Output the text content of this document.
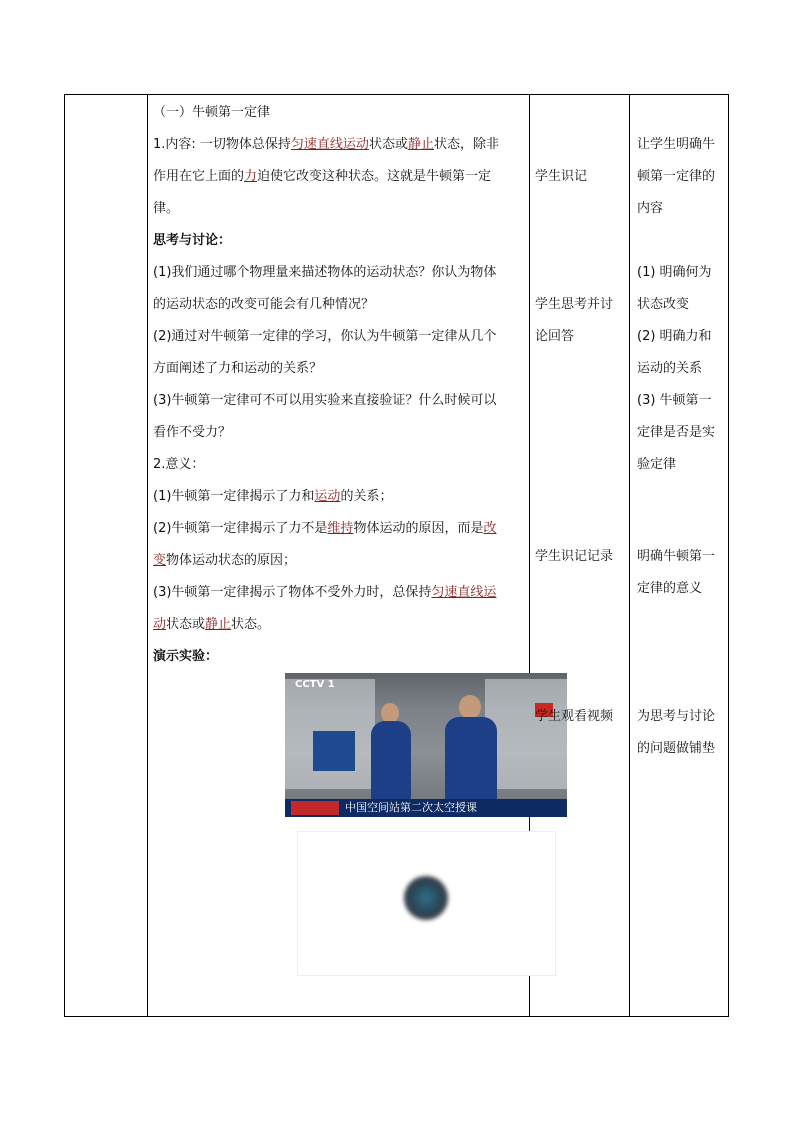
（一）牛顿第一定律
1.内容: 一切物体总保持匀速直线运动状态或静止状态，除非
作用在它上面的力迫使它改变这种状态。这就是牛顿第一定
律。
思考与讨论：
(1)我们通过哪个物理量来描述物体的运动状态？你认为物体
的运动状态的改变可能会有几种情况？
(2)通过对牛顿第一定律的学习，你认为牛顿第一定律从几个
方面阐述了力和运动的关系？
(3)牛顿第一定律可不可以用实验来直接验证？什么时候可以
看作不受力？
2.意义：
(1)牛顿第一定律揭示了力和运动的关系；
(2)牛顿第一定律揭示了力不是维持物体运动的原因，而是改
变物体运动状态的原因；
(3)牛顿第一定律揭示了物体不受外力时，总保持匀速直线运
动状态或静止状态。
演示实验：
CCTV 1
中国空间站第二次太空授课
学生识记
学生思考并讨
论回答
学生识记记录
学生观看视频
让学生明确牛
顿第一定律的
内容
(1) 明确何为
状态改变
(2) 明确力和
运动的关系
(3) 牛顿第一
定律是否是实
验定律
明确牛顿第一
定律的意义
为思考与讨论
的问题做铺垫
